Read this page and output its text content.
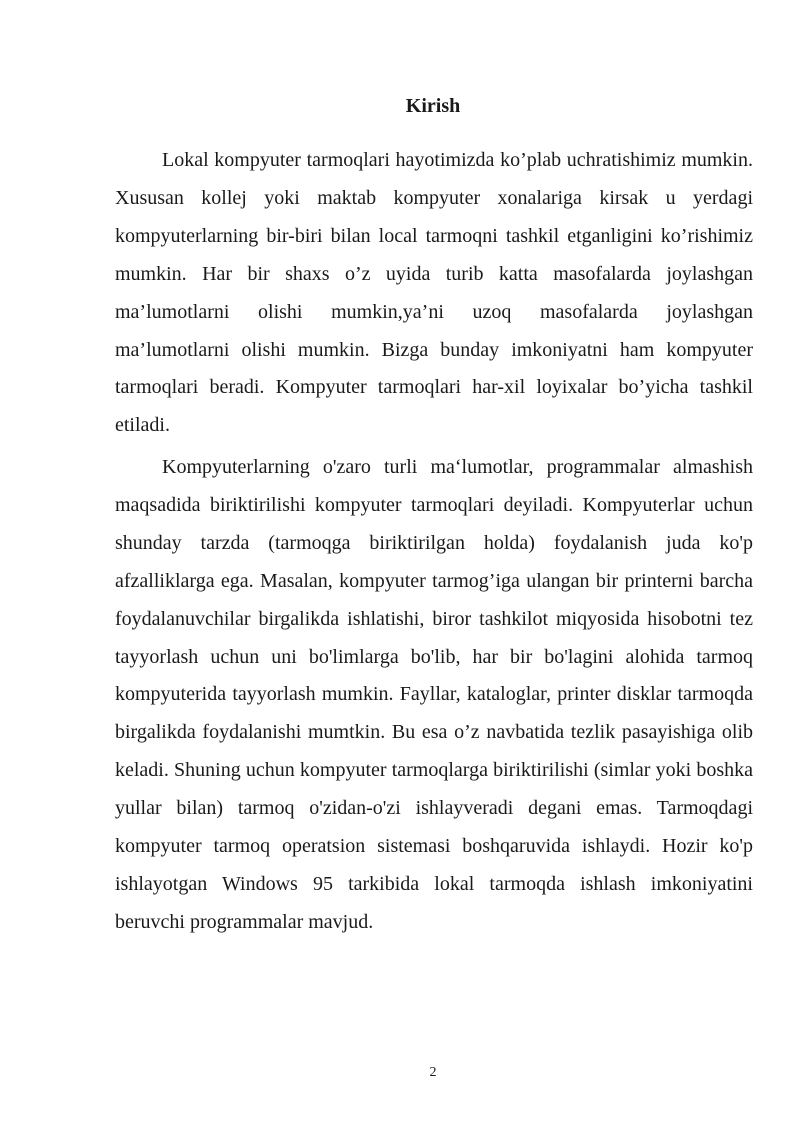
Kirish

Lokal kompyuter tarmoqlari hayotimizda ko’plab uchratishimiz mumkin. Xususan kollej yoki maktab kompyuter xonalariga kirsak u yerdagi kompyuterlarning bir-biri bilan local tarmoqni tashkil etganligini ko’rishimiz mumkin. Har bir shaxs o’z uyida turib katta masofalarda joylashgan ma’lumotlarni olishi mumkin,ya’ni uzoq masofalarda joylashgan ma’lumotlarni olishi mumkin. Bizga bunday imkoniyatni ham kompyuter tarmoqlari beradi. Kompyuter tarmoqlari har-xil loyixalar bo’yicha tashkil etiladi.

Kompyuterlarning o'zaro turli ma‘lumotlar, programmalar almashish maqsadida biriktirilishi kompyuter tarmoqlari deyiladi. Kompyuterlar uchun shunday tarzda (tarmoqga biriktirilgan holda) foydalanish juda ko'p afzalliklarga ega. Masalan, kompyuter tarmog’iga ulangan bir printerni barcha foydalanuvchilar birgalikda ishlatishi, biror tashkilot miqyosida hisobotni tez tayyorlash uchun uni bo'limlarga bo'lib, har bir bo'lagini alohida tarmoq kompyuterida tayyorlash mumkin. Fayllar, kataloglar, printer disklar tarmoqda birgalikda foydalanishi mumtkin. Bu esa o’z navbatida tezlik pasayishiga olib keladi. Shuning uchun kompyuter tarmoqlarga biriktirilishi (simlar yoki boshka yullar bilan) tarmoq o'zidan-o'zi ishlayveradi degani emas. Tarmoqdagi kompyuter tarmoq operatsion sistemasi boshqaruvida ishlaydi. Hozir ko'p ishlayotgan Windows 95 tarkibida lokal tarmoqda ishlash imkoniyatini beruvchi programmalar mavjud.

2
